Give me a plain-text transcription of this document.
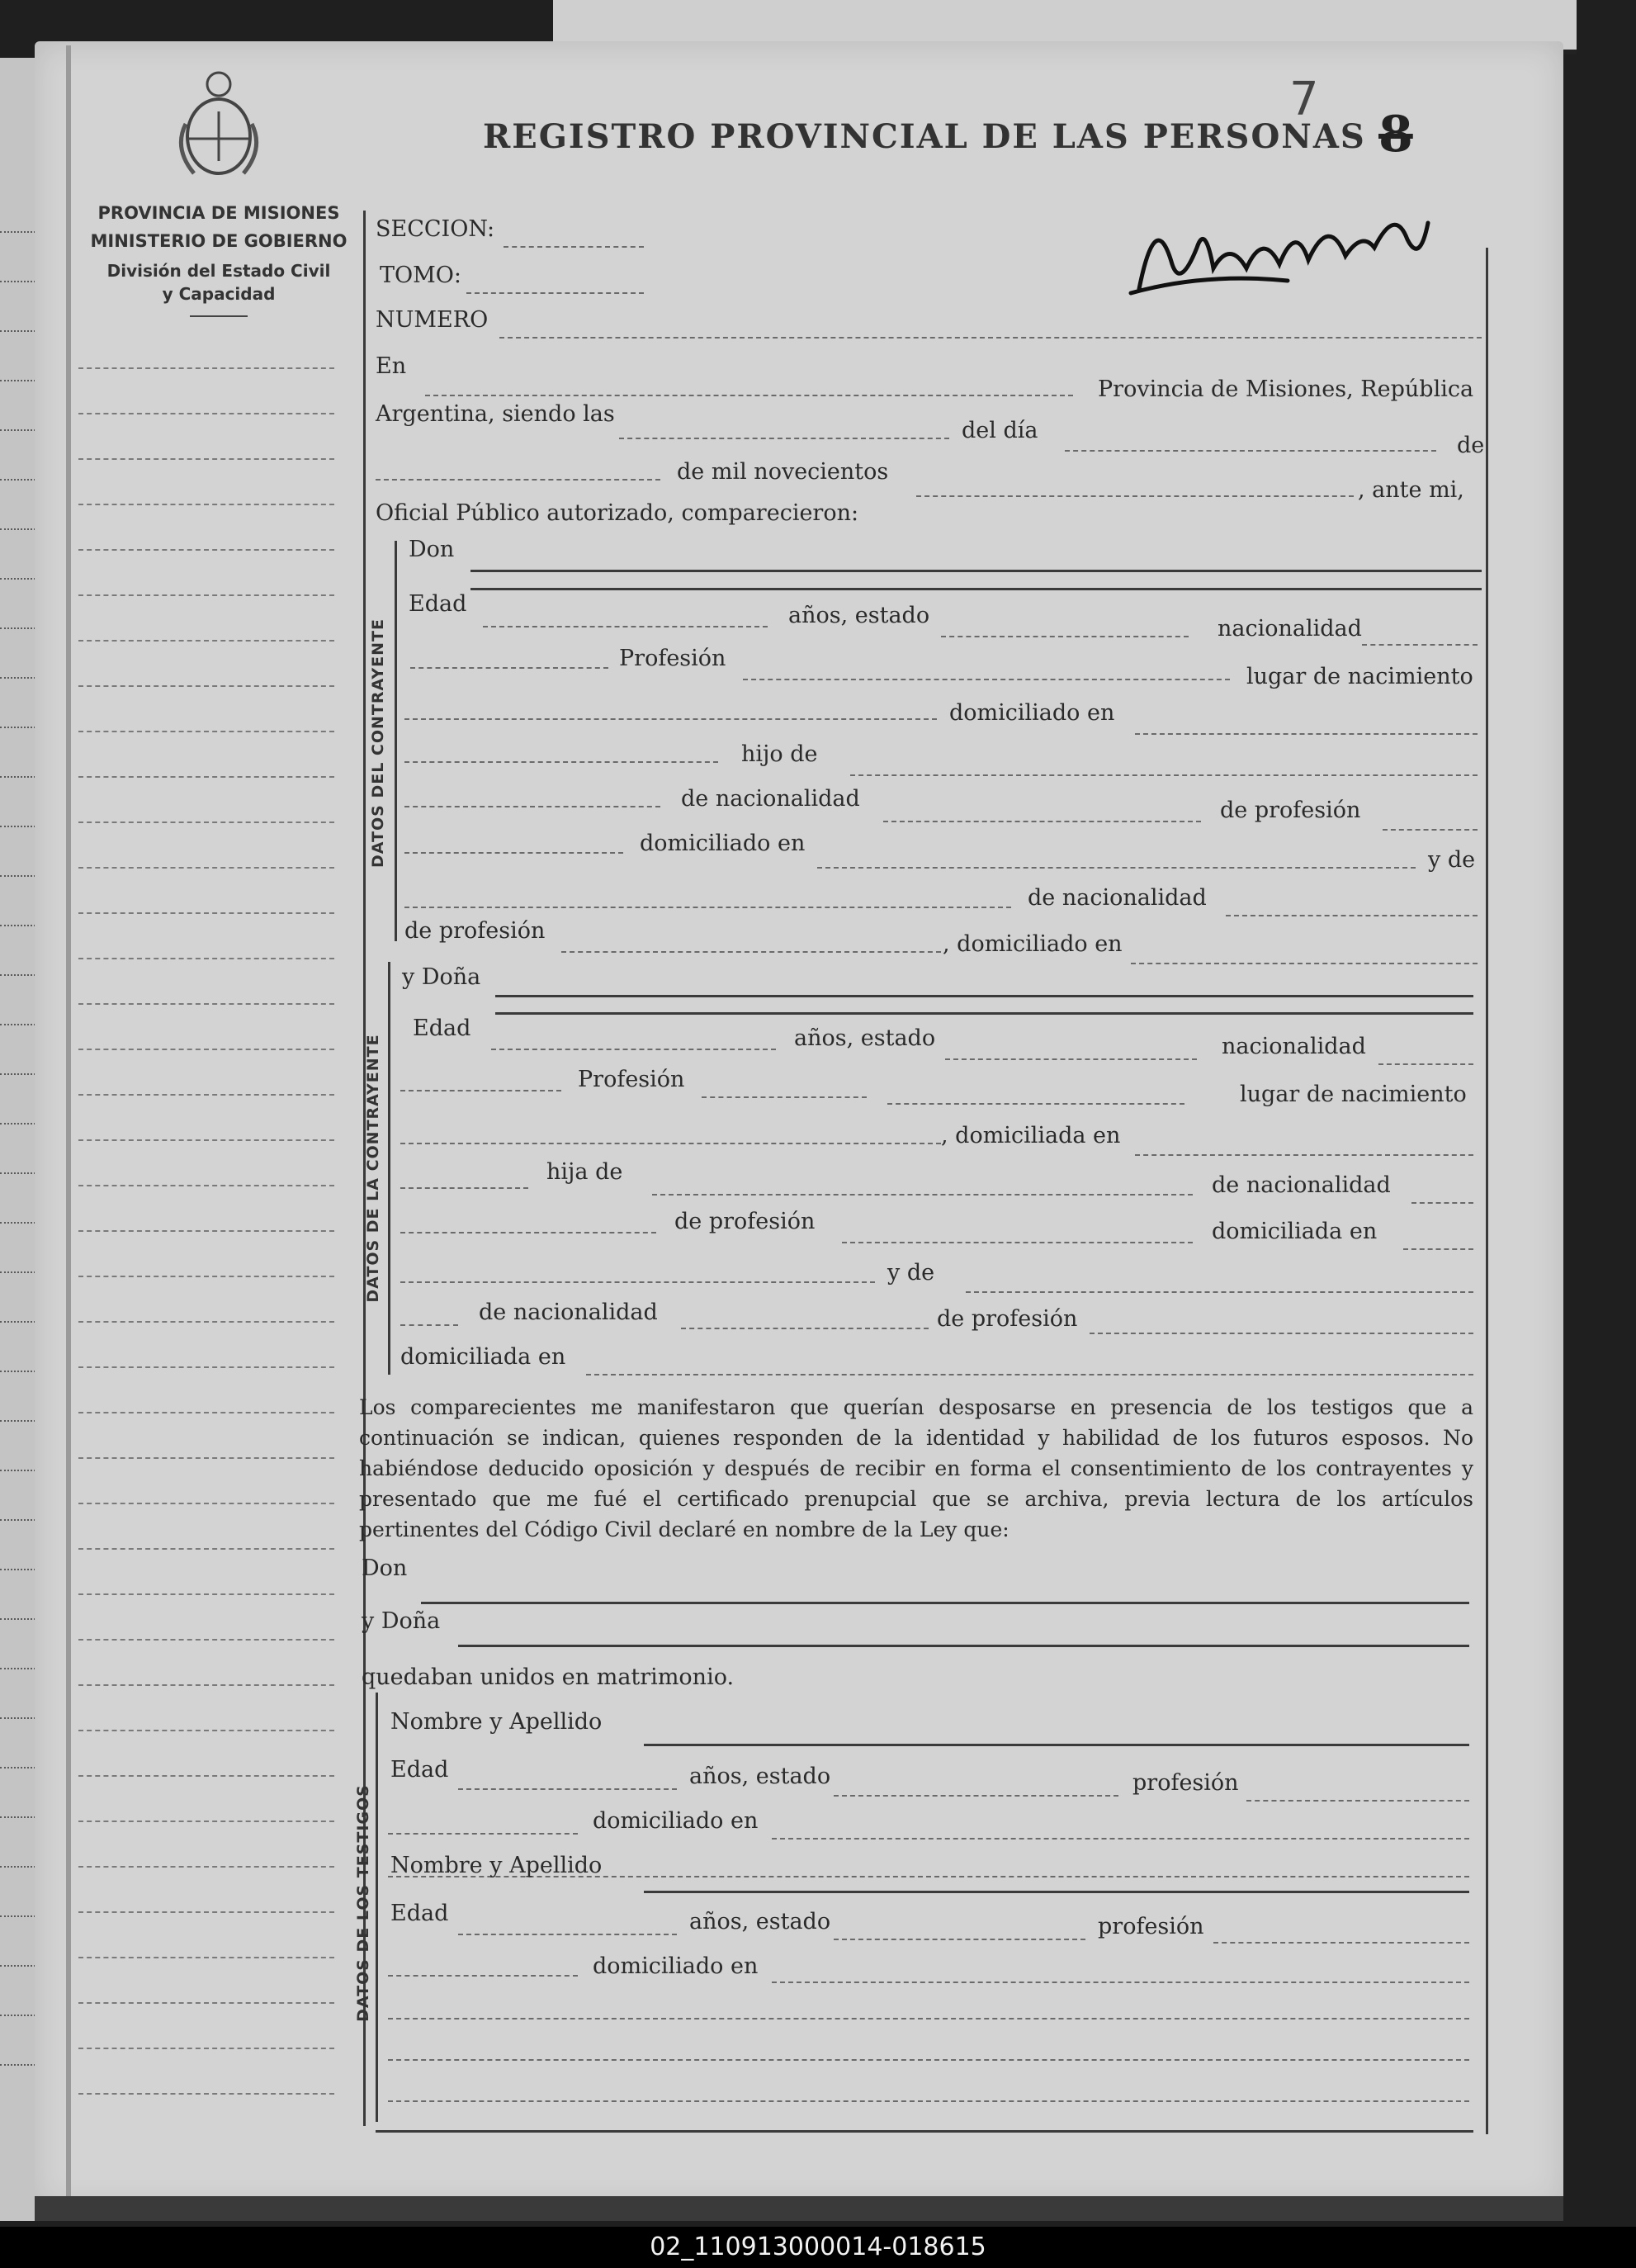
PROVINCIA DE MISIONES
MINISTERIO DE GOBIERNO
División del Estado Civil
y Capacidad
REGISTRO PROVINCIAL DE LAS PERSONAS
7
8
SECCION:
TOMO:
NUMERO
En
Provincia de Misiones, República
Argentina, siendo las
del día
de
de mil novecientos
, ante mi,
Oficial Público autorizado, comparecieron:
DATOS DEL CONTRAYENTE
Don
Edad	años, estado
nacionalidad
Profesión
lugar de nacimiento
domiciliado en
hijo de
de nacionalidad	de profesión
domiciliado en
y de
de nacionalidad
de profesión
, domiciliado en
DATOS DE LA CONTRAYENTE
y Doña
Edad	años, estado	nacionalidad
Profesión
lugar de nacimiento
, domiciliada en
hija de
de nacionalidad
de profesión	domiciliada en
y de
de nacionalidad	de profesión
domiciliada en
Los comparecientes me manifestaron que querían desposarse en presencia de los testigos que a continuación se indican, quienes responden de la identidad y habilidad de los futuros esposos. No habiéndose deducido oposición y después de recibir en forma el consentimiento de los contrayentes y presentado que me fué el certificado prenupcial que se archiva, previa lectura de los artículos pertinentes del Código Civil declaré en nombre de la Ley que:
Don
y Doña
quedaban unidos en matrimonio.
DATOS DE LOS TESTIGOS
Nombre y Apellido
Edad	años, estado	profesión
domiciliado en
Nombre y Apellido
Edad	años, estado	profesión
domiciliado en
02_110913000014-018615
